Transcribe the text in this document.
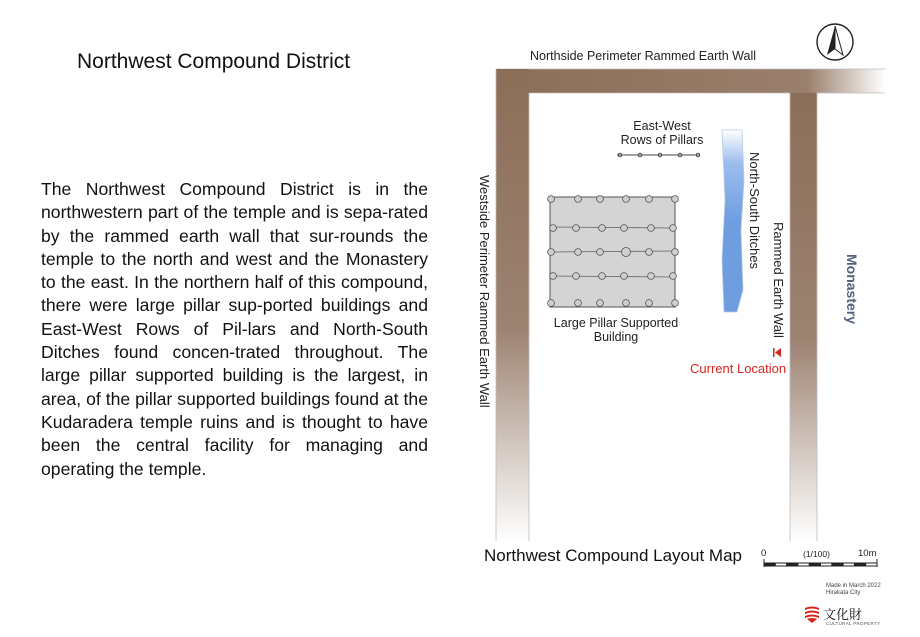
Northwest Compound District
The Northwest Compound District is in the northwestern part of the temple and is sepa-rated by the rammed earth wall that sur-rounds the temple to the north and west and the Monastery to the east. In the northern half of this compound, there were large pillar sup-ported buildings and East-West Rows of Pil-lars and North-South Ditches found concen-trated throughout. The large pillar supported building is the largest, in area, of the pillar supported buildings found at the Kudaradera temple ruins and is thought to have been the central facility for managing and operating the temple.
Northside Perimeter Rammed Earth Wall
Westside Perimeter Rammed Earth Wall	Rammed Earth Wall
North-South Ditches
Monastery
East-West
Rows of Pillars
Large Pillar Supported
Building
Current Location
Northwest Compound Layout Map 0	(1/100)	10m
Made in March 2022
Hirakata City
文化財
CULTURAL PROPERTY
